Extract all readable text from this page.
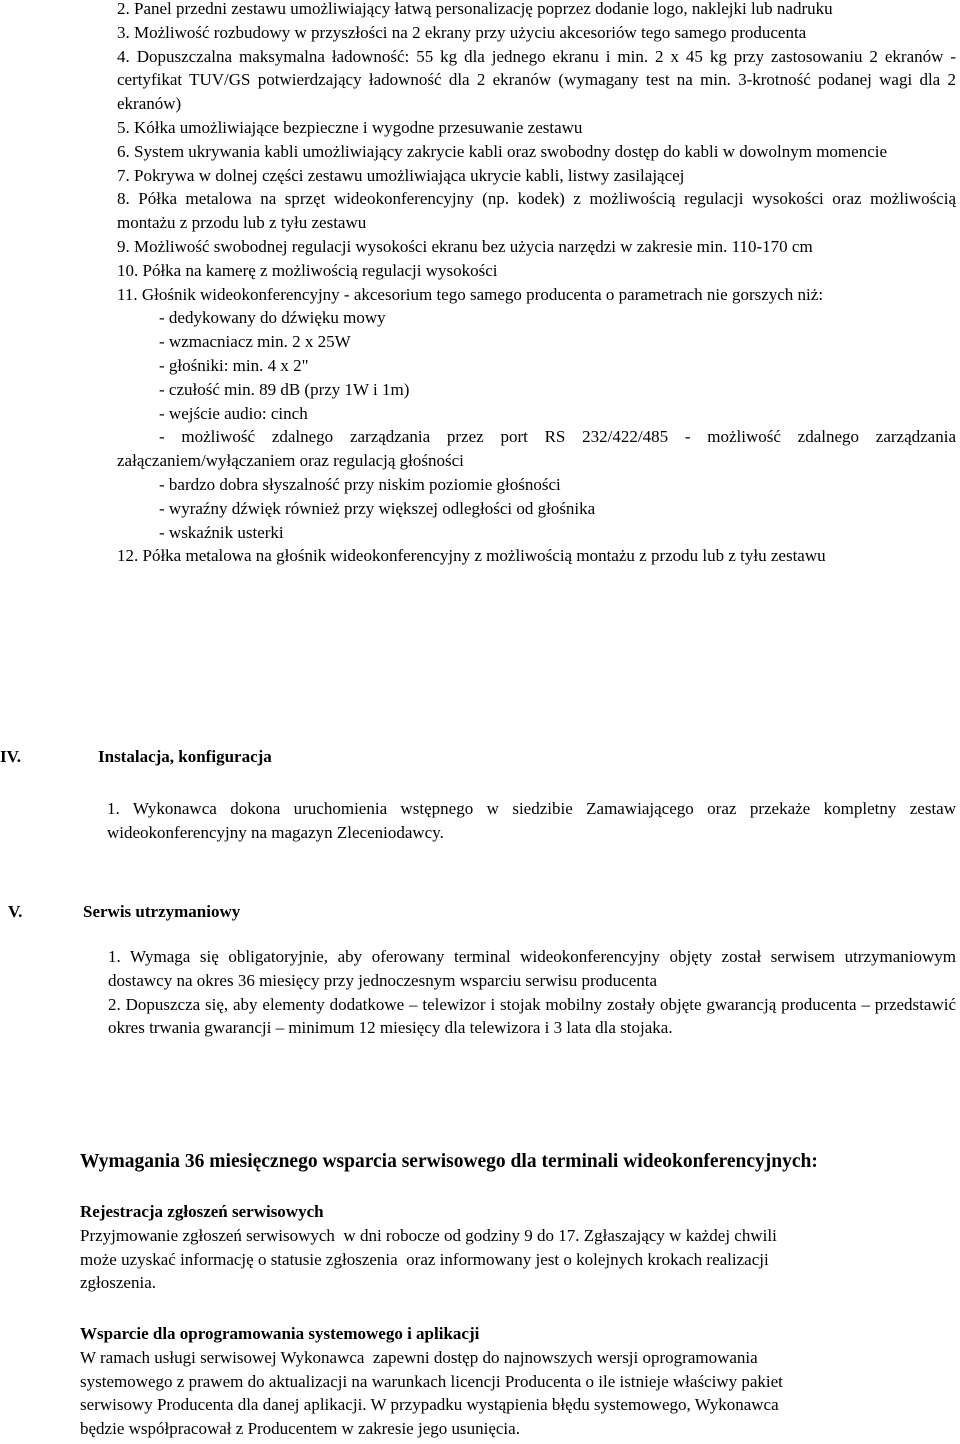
2. Panel przedni zestawu umożliwiający łatwą personalizację poprzez dodanie logo, naklejki lub nadruku

3. Możliwość rozbudowy w przyszłości na 2 ekrany przy użyciu akcesoriów tego samego producenta

4. Dopuszczalna maksymalna ładowność: 55 kg dla jednego ekranu i min. 2 x 45 kg przy zastosowaniu 2 ekranów - certyfikat TUV/GS potwierdzający ładowność dla 2 ekranów (wymagany test na min. 3-krotność podanej wagi dla 2 ekranów)

5. Kółka umożliwiające bezpieczne i wygodne przesuwanie zestawu

6. System ukrywania kabli umożliwiający zakrycie kabli oraz swobodny dostęp do kabli w dowolnym momencie

7. Pokrywa w dolnej części zestawu umożliwiająca ukrycie kabli, listwy zasilającej

8. Półka metalowa na sprzęt wideokonferencyjny (np. kodek) z możliwością regulacji wysokości oraz możliwością montażu z przodu lub z tyłu zestawu

9. Możliwość swobodnej regulacji wysokości ekranu bez użycia narzędzi w zakresie min. 110-170 cm

10. Półka na kamerę z możliwością regulacji wysokości

11. Głośnik wideokonferencyjny - akcesorium tego samego producenta o parametrach nie gorszych niż:

- dedykowany do dźwięku mowy

- wzmacniacz min. 2 x 25W

- głośniki: min. 4 x 2"

- czułość min. 89 dB (przy 1W i 1m)

- wejście audio: cinch

- możliwość zdalnego zarządzania przez port RS 232/422/485 - możliwość zdalnego zarządzania załączaniem/wyłączaniem oraz regulacją głośności

- bardzo dobra słyszalność przy niskim poziomie głośności

- wyraźny dźwięk również przy większej odległości od głośnika

- wskaźnik usterki

12. Półka metalowa na głośnik wideokonferencyjny z możliwością montażu z przodu lub z tyłu zestawu

IV.	Instalacja, konfiguracja

1. Wykonawca dokona uruchomienia wstępnego w siedzibie Zamawiającego oraz przekaże kompletny zestaw wideokonferencyjny na magazyn Zleceniodawcy.

V.	Serwis utrzymaniowy

1. Wymaga się obligatoryjnie, aby oferowany terminal wideokonferencyjny objęty został serwisem utrzymaniowym dostawcy na okres 36 miesięcy przy jednoczesnym wsparciu serwisu producenta

2. Dopuszcza się, aby elementy dodatkowe – telewizor i stojak mobilny zostały objęte gwarancją producenta – przedstawić okres trwania gwarancji – minimum 12 miesięcy dla telewizora i 3 lata dla stojaka.

Wymagania 36 miesięcznego wsparcia serwisowego dla terminali wideokonferencyjnych:
Rejestracja zgłoszeń serwisowych
Przyjmowanie zgłoszeń serwisowych  w dni robocze od godziny 9 do 17. Zgłaszający w każdej chwili
może uzyskać informację o statusie zgłoszenia  oraz informowany jest o kolejnych krokach realizacji
zgłoszenia.
Wsparcie dla oprogramowania systemowego i aplikacji
W ramach usługi serwisowej Wykonawca  zapewni dostęp do najnowszych wersji oprogramowania
systemowego z prawem do aktualizacji na warunkach licencji Producenta o ile istnieje właściwy pakiet
serwisowy Producenta dla danej aplikacji. W przypadku wystąpienia błędu systemowego, Wykonawca
będzie współpracował z Producentem w zakresie jego usunięcia.
